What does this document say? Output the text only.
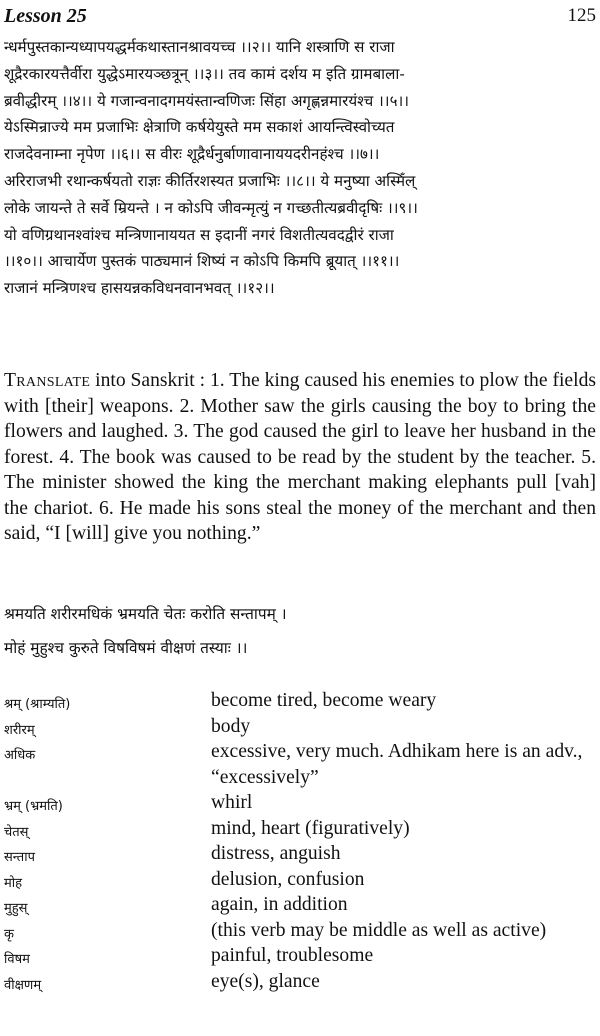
Lesson 25	125
न्धर्मपुस्तकान्यध्यापयद्धर्मकथास्तानश्रावयच्च ।।२।। यानि शस्त्राणि स राजा
शूद्रैरकारयत्तैर्वीरा युद्धेऽमारयञ्छत्रून् ।।३।। तव कामं दर्शय म इति ग्रामबाला-
ब्रवीद्धीरम् ।।४।। ये गजान्वनादगमयंस्तान्वणिजः सिंहा अगृह्णन्नमारयंश्च ।।५।।
येऽस्मिन्राज्ये मम प्रजाभिः क्षेत्राणि कर्षयेयुस्ते मम सकाशं आयन्त्विस्वोच्यत
राजदेवनाम्ना नृपेण ।।६।। स वीरः शूद्रैर्धनुर्बाणावानाययदरीनहंश्च ।।७।।
अरिराजभी रथान्कर्षयतो राज्ञः कीर्तिरशस्यत प्रजाभिः ।।८।। ये मनुष्या अस्मिँल्
लोके जायन्ते ते सर्वे म्रियन्ते । न कोऽपि जीवन्मृत्युं न गच्छतीत्यब्रवीदृषिः ।।९।।
यो वणिग्रथानश्वांश्च मन्त्रिणानाययत स इदानीं नगरं विशतीत्यवदद्वीरं राजा
।।१०।। आचार्येण पुस्तकं पाठ्यमानं शिष्यं न कोऽपि किमपि ब्रूयात् ।।११।।
राजानं मन्त्रिणश्च हासयन्नकविधनवानभवत् ।।१२।।
Translate into Sanskrit : 1. The king caused his enemies to plow the fields with [their] weapons. 2. Mother saw the girls causing the boy to bring the flowers and laughed. 3. The god caused the girl to leave her husband in the forest. 4. The book was caused to be read by the student by the teacher. 5. The minister showed the king the merchant making elephants pull [vah] the chariot. 6. He made his sons steal the money of the merchant and then said, “I [will] give you nothing.”
श्रमयति शरीरमधिकं भ्रमयति चेतः करोति सन्तापम् ।
मोहं मुहुश्च कुरुते विषविषमं वीक्षणं तस्याः ।।
श्रम् (श्राम्यति)	become tired, become weary
शरीरम्	body
अधिक	excessive, very much. Adhikam here is an adv., “excessively”
भ्रम् (भ्रमति)	whirl
चेतस्	mind, heart (figuratively)
सन्ताप	distress, anguish
मोह	delusion, confusion
मुहुस्	again, in addition
कृ	(this verb may be middle as well as active)
विषम	painful, troublesome
वीक्षणम्	eye(s), glance
